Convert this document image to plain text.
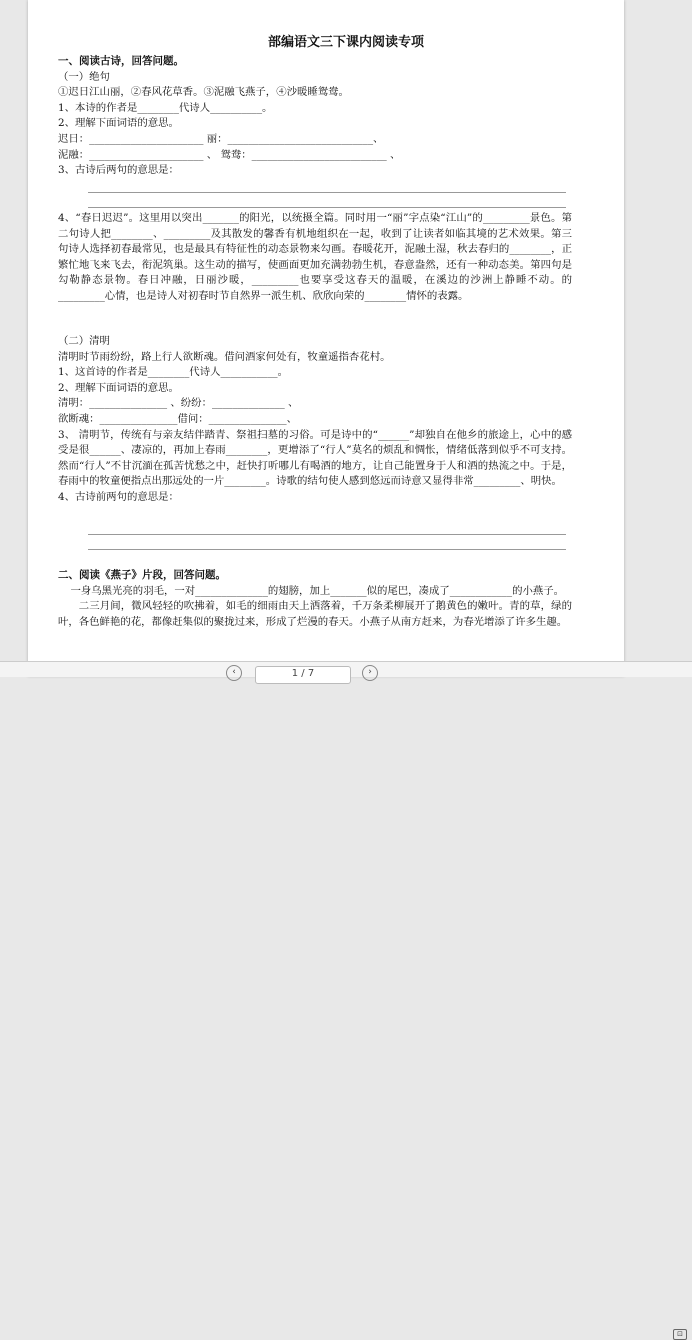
部编语文三下课内阅读专项
一、阅读古诗，回答问题。
（一）绝句
①迟日江山丽，②春风花草香。③泥融飞燕子，④沙暖睡鸳鸯。
1、本诗的作者是________代诗人__________。
2、理解下面词语的意思。
迟日：______________________ 丽：____________________________、
泥融：______________________ 、 鸳鸯：__________________________ 、
3、古诗后两句的意思是：
4、“春日迟迟”。这里用以突出_______的阳光，以统摄全篇。同时用一“丽”字点染“江山”的_________景色。第二句诗人把________、_________及其散发的馨香有机地组织在一起，收到了让读者如临其境的艺术效果。第三句诗人选择初春最常见，也是最具有特征性的动态景物来勾画。春暖花开，泥融土湿，秋去春归的________，正繁忙地飞来飞去，衔泥筑巢。这生动的描写，使画面更加充满勃勃生机，春意盎然，还有一种动态美。第四句是勾勒静态景物。春日冲融，日丽沙暖，_________也要享受这春天的温暖，在溪边的沙洲上静睡不动。的_________心情，也是诗人对初春时节自然界一派生机、欣欣向荣的________情怀的表露。
（二）清明
清明时节雨纷纷，路上行人欲断魂。借问酒家何处有，牧童遥指杏花村。
1、这首诗的作者是________代诗人___________。
2、理解下面词语的意思。
清明：_______________ 、纷纷：______________ 、
欲断魂：_______________借问：_______________、
3、 清明节，传统有与亲友结伴踏青、祭祖扫墓的习俗。可是诗中的“______”却独自在他乡的旅途上，心中的感受是很______、凄凉的，再加上春雨________，更增添了“行人”莫名的烦乱和惆怅，情绪低落到似乎不可支持。然而“行人”不甘沉湎在孤苦忧愁之中，赶快打听哪儿有喝酒的地方，让自己能置身于人和酒的热流之中。于是，春雨中的牧童便指点出那远处的一片________。诗歌的结句使人感到悠远而诗意又显得非常_________、明快。
4、古诗前两句的意思是：
二、阅读《燕子》片段，回答问题。
一身乌黑光亮的羽毛，一对______________的翅膀，加上_______似的尾巴，凑成了____________的小燕子。
二三月间，微风轻轻的吹拂着，如毛的细雨由天上洒落着，千万条柔柳展开了鹅黄色的嫩叶。青的草，绿的叶，各色鲜艳的花，都像赶集似的聚拢过来，形成了烂漫的春天。小燕子从南方赶来，为春光增添了许多生趣。
‹	1 / 7	›
⊡
